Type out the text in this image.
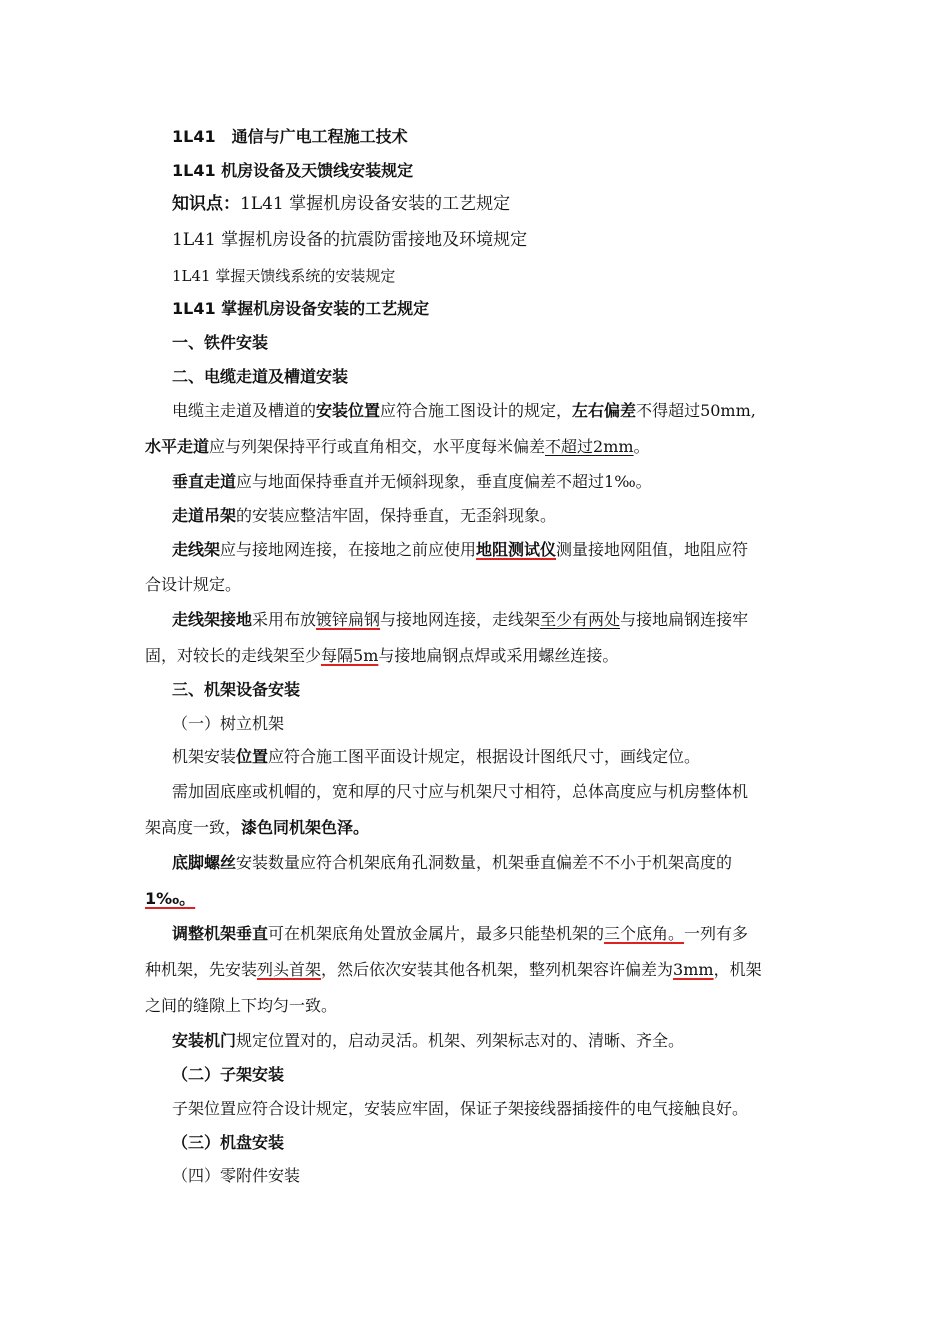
1L41　通信与广电工程施工技术
1L41 机房设备及天馈线安装规定
知识点：1L41 掌握机房设备安装的工艺规定
1L41 掌握机房设备的抗震防雷接地及环境规定
1L41 掌握天馈线系统的安装规定
1L41 掌握机房设备安装的工艺规定
一、铁件安装
二、电缆走道及槽道安装
电缆主走道及槽道的安装位置应符合施工图设计的规定，左右偏差不得超过50mm,
水平走道应与列架保持平行或直角相交，水平度每米偏差不超过2mm。
垂直走道应与地面保持垂直并无倾斜现象，垂直度偏差不超过1‰。
走道吊架的安装应整洁牢固，保持垂直，无歪斜现象。
走线架应与接地网连接，在接地之前应使用地阻测试仪测量接地网阻值，地阻应符
合设计规定。
走线架接地采用布放镀锌扁钢与接地网连接，走线架至少有两处与接地扁钢连接牢
固，对较长的走线架至少每隔5m与接地扁钢点焊或采用螺丝连接。
三、机架设备安装
（一）树立机架
机架安装位置应符合施工图平面设计规定，根据设计图纸尺寸，画线定位。
需加固底座或机帽的，宽和厚的尺寸应与机架尺寸相符，总体高度应与机房整体机
架高度一致，漆色同机架色泽。
底脚螺丝安装数量应符合机架底角孔洞数量，机架垂直偏差不不小于机架高度的
1‰。
调整机架垂直可在机架底角处置放金属片，最多只能垫机架的三个底角。一列有多
种机架，先安装列头首架，然后依次安装其他各机架，整列机架容许偏差为3mm，机架
之间的缝隙上下均匀一致。
安装机门规定位置对的，启动灵活。机架、列架标志对的、清晰、齐全。
（二）子架安装
子架位置应符合设计规定，安装应牢固，保证子架接线器插接件的电气接触良好。
（三）机盘安装
（四）零附件安装
